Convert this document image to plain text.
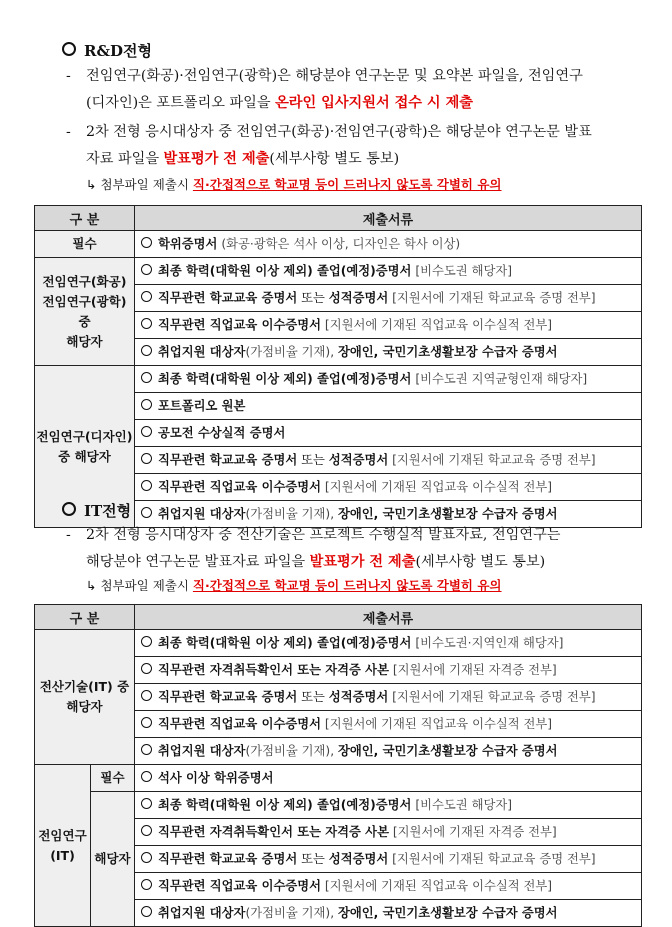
R&D전형
- 전임연구(화공)·전임연구(광학)은 해당분야 연구논문 및 요약본 파일을, 전임연구
(디자인)은 포트폴리오 파일을 온라인 입사지원서 접수 시 제출
- 2차 전형 응시대상자 중 전임연구(화공)·전임연구(광학)은 해당분야 연구논문 발표
자료 파일을 발표평가 전 제출(세부사항 별도 통보)
↳ 첨부파일 제출시 직·간접적으로 학교명 등이 드러나지 않도록 각별히 유의
구 분	제출서류
필수	학위증명서 (화공·광학은 석사 이상, 디자인은 학사 이상)
전임연구(화공)
전임연구(광학) 중
해당자	최종 학력(대학원 이상 제외) 졸업(예정)증명서 [비수도권 해당자]
	직무관련 학교교육 증명서 또는 성적증명서 [지원서에 기재된 학교교육 증명 전부]
	직무관련 직업교육 이수증명서 [지원서에 기재된 직업교육 이수실적 전부]
	취업지원 대상자(가점비율 기재), 장애인, 국민기초생활보장 수급자 증명서
전임연구(디자인)
중 해당자	최종 학력(대학원 이상 제외) 졸업(예정)증명서 [비수도권 지역균형인재 해당자]
	포트폴리오 원본
	공모전 수상실적 증명서
	직무관련 학교교육 증명서 또는 성적증명서 [지원서에 기재된 학교교육 증명 전부]
	직무관련 직업교육 이수증명서 [지원서에 기재된 직업교육 이수실적 전부]
	취업지원 대상자(가점비율 기재), 장애인, 국민기초생활보장 수급자 증명서
IT전형
- 2차 전형 응시대상자 중 전산기술은 프로젝트 수행실적 발표자료, 전임연구는
해당분야 연구논문 발표자료 파일을 발표평가 전 제출(세부사항 별도 통보)
↳ 첨부파일 제출시 직·간접적으로 학교명 등이 드러나지 않도록 각별히 유의
구 분		제출서류
전산기술(IT) 중
해당자		최종 학력(대학원 이상 제외) 졸업(예정)증명서 [비수도권·지역인재 해당자]
		직무관련 자격취득확인서 또는 자격증 사본 [지원서에 기재된 자격증 전부]
		직무관련 학교교육 증명서 또는 성적증명서 [지원서에 기재된 학교교육 증명 전부]
		직무관련 직업교육 이수증명서 [지원서에 기재된 직업교육 이수실적 전부]
		취업지원 대상자(가점비율 기재), 장애인, 국민기초생활보장 수급자 증명서
전임연구
(IT)	필수	석사 이상 학위증명서
	해당자	최종 학력(대학원 이상 제외) 졸업(예정)증명서 [비수도권 해당자]
		직무관련 자격취득확인서 또는 자격증 사본 [지원서에 기재된 자격증 전부]
		직무관련 학교교육 증명서 또는 성적증명서 [지원서에 기재된 학교교육 증명 전부]
		직무관련 직업교육 이수증명서 [지원서에 기재된 직업교육 이수실적 전부]
		취업지원 대상자(가점비율 기재), 장애인, 국민기초생활보장 수급자 증명서
